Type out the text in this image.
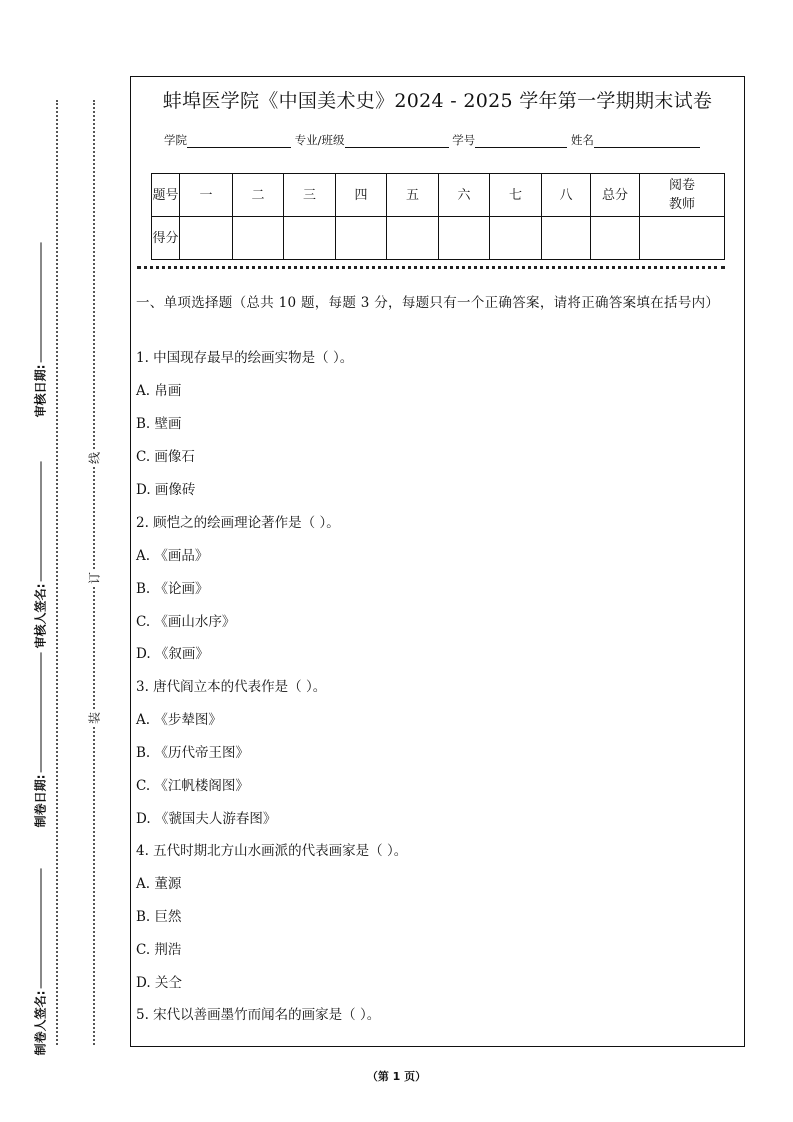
审核日期:
审核人签名:
制卷日期:
制卷人签名:
线
订
装
蚌埠医学院《中国美术史》2024 - 2025 学年第一学期期末试卷
学院	专业/班级	学号	姓名
题号	一	二	三	四	五	六	七	八	总分	阅卷教师
得分										
一、单项选择题（总共 10 题，每题 3 分，每题只有一个正确答案，请将正确答案填在括号内）
1. 中国现存最早的绘画实物是（ ）。
A. 帛画
B. 壁画
C. 画像石
D. 画像砖
2. 顾恺之的绘画理论著作是（ ）。
A. 《画品》
B. 《论画》
C. 《画山水序》
D. 《叙画》
3. 唐代阎立本的代表作是（ ）。
A. 《步辇图》
B. 《历代帝王图》
C. 《江帆楼阁图》
D. 《虢国夫人游春图》
4. 五代时期北方山水画派的代表画家是（ ）。
A. 董源
B. 巨然
C. 荆浩
D. 关仝
5. 宋代以善画墨竹而闻名的画家是（ ）。
（第 1 页）
